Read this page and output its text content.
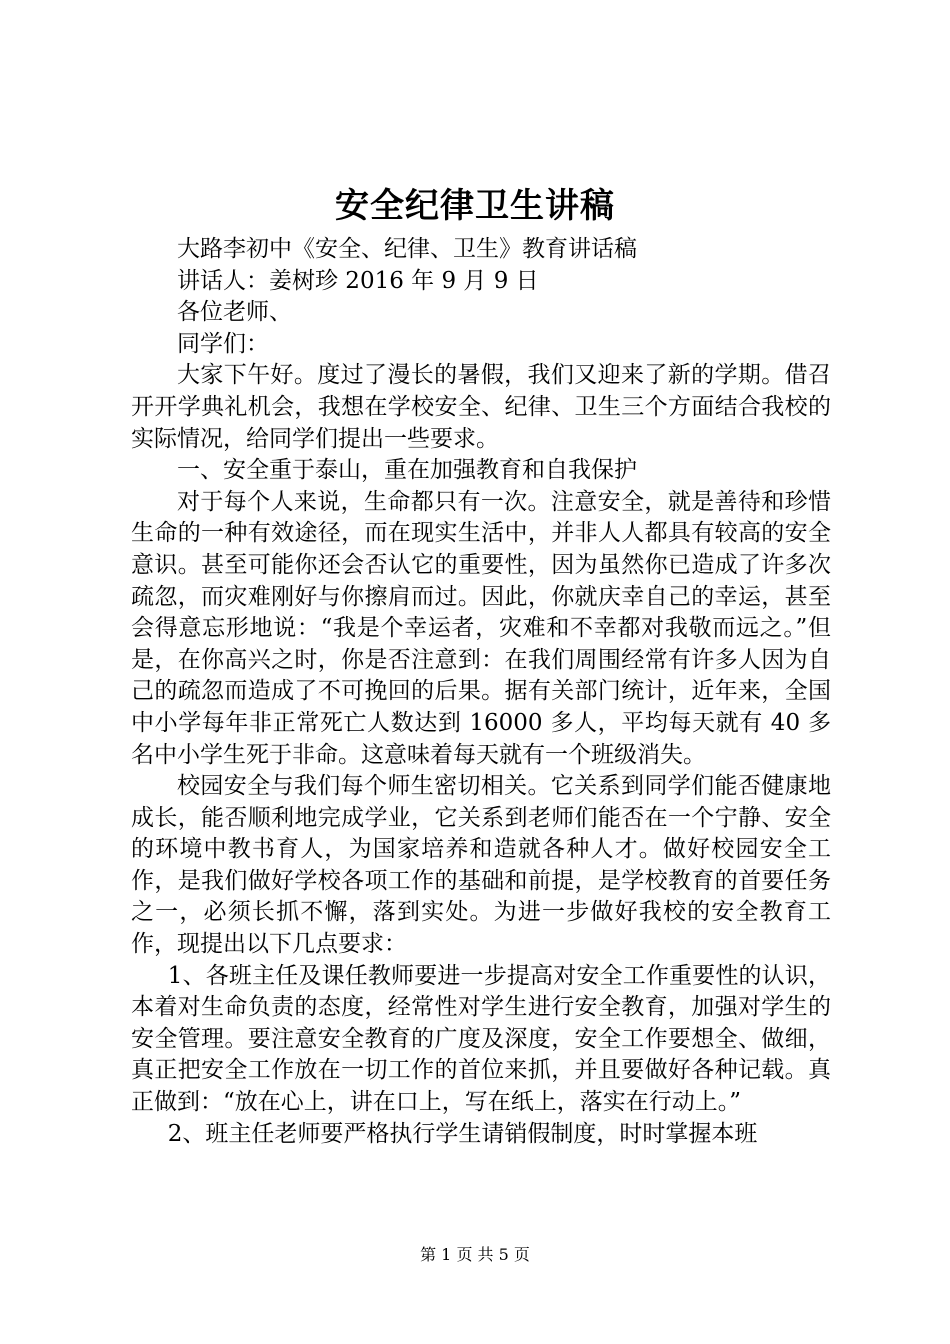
安全纪律卫生讲稿

大路李初中《安全、纪律、卫生》教育讲话稿

讲话人：姜树珍 2016 年 9 月 9 日

各位老师、

同学们：

大家下午好。度过了漫长的暑假，我们又迎来了新的学期。借召开开学典礼机会，我想在学校安全、纪律、卫生三个方面结合我校的实际情况，给同学们提出一些要求。

一、安全重于泰山，重在加强教育和自我保护

对于每个人来说，生命都只有一次。注意安全，就是善待和珍惜生命的一种有效途径，而在现实生活中，并非人人都具有较高的安全意识。甚至可能你还会否认它的重要性，因为虽然你已造成了许多次疏忽，而灾难刚好与你擦肩而过。因此，你就庆幸自己的幸运，甚至会得意忘形地说：“我是个幸运者，灾难和不幸都对我敬而远之。”但是，在你高兴之时，你是否注意到：在我们周围经常有许多人因为自己的疏忽而造成了不可挽回的后果。据有关部门统计，近年来，全国中小学每年非正常死亡人数达到 16000 多人，平均每天就有 40 多名中小学生死于非命。这意味着每天就有一个班级消失。

校园安全与我们每个师生密切相关。它关系到同学们能否健康地成长，能否顺利地完成学业，它关系到老师们能否在一个宁静、安全的环境中教书育人，为国家培养和造就各种人才。做好校园安全工作，是我们做好学校各项工作的基础和前提，是学校教育的首要任务之一，必须长抓不懈，落到实处。为进一步做好我校的安全教育工作，现提出以下几点要求：

1、各班主任及课任教师要进一步提高对安全工作重要性的认识，本着对生命负责的态度，经常性对学生进行安全教育，加强对学生的安全管理。要注意安全教育的广度及深度，安全工作要想全、做细，真正把安全工作放在一切工作的首位来抓，并且要做好各种记载。真正做到：“放在心上，讲在口上，写在纸上，落实在行动上。”

2、班主任老师要严格执行学生请销假制度，时时掌握本班

第 1 页 共 5 页
